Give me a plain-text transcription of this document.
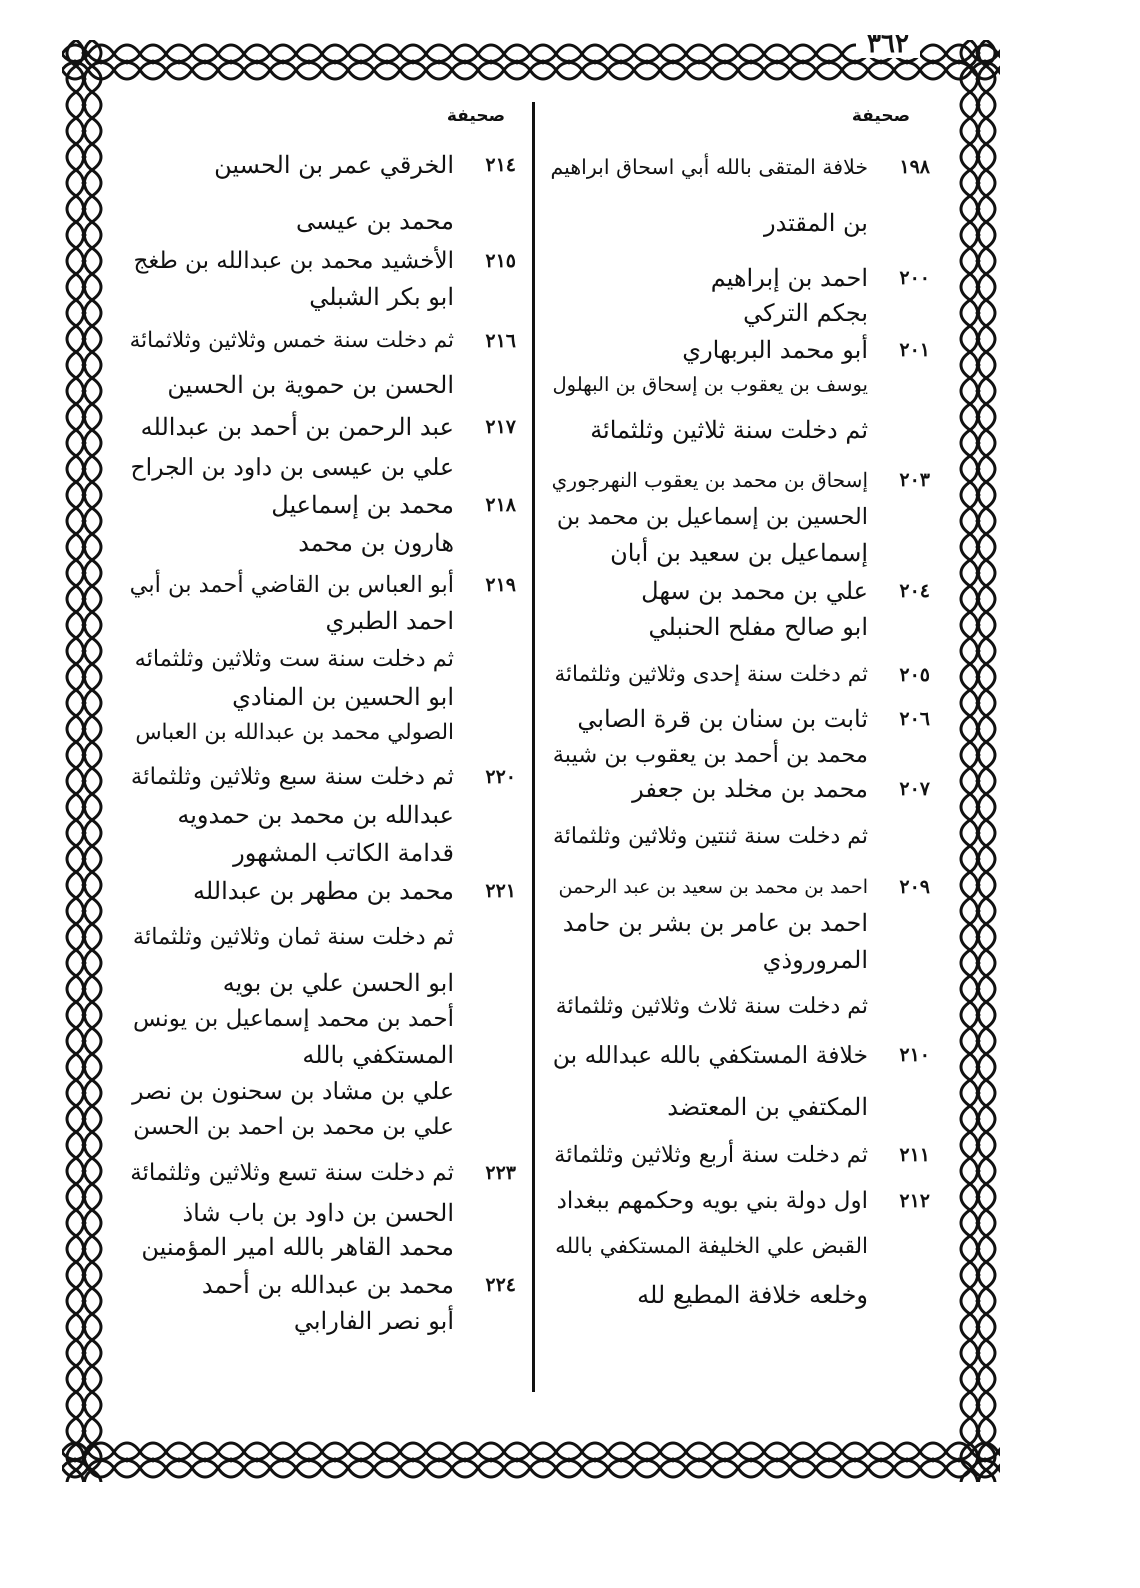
٣٦٢
صحيفة
صحيفة
١٩٨
خلافة المتقى بالله أبي اسحاق ابراهيم
بن المقتدر
٢٠٠
احمد بن إبراهيم
بجكم التركي
٢٠١
أبو محمد البربهاري
يوسف بن يعقوب بن إسحاق بن البهلول
ثم دخلت سنة ثلاثين وثلثمائة
٢٠٣
إسحاق بن محمد بن يعقوب النهرجوري
الحسين بن إسماعيل بن محمد بن
إسماعيل بن سعيد بن أبان
٢٠٤
علي بن محمد بن سهل
ابو صالح مفلح الحنبلي
٢٠٥
ثم دخلت سنة إحدى وثلاثين وثلثمائة
٢٠٦
ثابت بن سنان بن قرة الصابي
محمد بن أحمد بن يعقوب بن شيبة
٢٠٧
محمد بن مخلد بن جعفر
ثم دخلت سنة ثنتين وثلاثين وثلثمائة
٢٠٩
احمد بن محمد بن سعيد بن عبد الرحمن
احمد بن عامر بن بشر بن حامد
المروروذي
ثم دخلت سنة ثلاث وثلاثين وثلثمائة
٢١٠
خلافة المستكفي بالله عبدالله بن
المكتفي بن المعتضد
٢١١
ثم دخلت سنة أربع وثلاثين وثلثمائة
٢١٢
اول دولة بني بويه وحكمهم ببغداد
القبض علي الخليفة المستكفي بالله
وخلعه خلافة المطيع لله
٢١٤
الخرقي عمر بن الحسين
محمد بن عيسى
٢١٥
الأخشيد محمد بن عبدالله بن طغج
ابو بكر الشبلي
٢١٦
ثم دخلت سنة خمس وثلاثين وثلاثمائة
الحسن بن حموية بن الحسين
٢١٧
عبد الرحمن بن أحمد بن عبدالله
علي بن عيسى بن داود بن الجراح
٢١٨
محمد بن إسماعيل
هارون بن محمد
٢١٩
أبو العباس بن القاضي أحمد بن أبي
احمد الطبري
ثم دخلت سنة ست وثلاثين وثلثمائه
ابو الحسين بن المنادي
الصولي محمد بن عبدالله بن العباس
٢٢٠
ثم دخلت سنة سبع وثلاثين وثلثمائة
عبدالله بن محمد بن حمدويه
قدامة الكاتب المشهور
٢٢١
محمد بن مطهر بن عبدالله
ثم دخلت سنة ثمان وثلاثين وثلثمائة
ابو الحسن علي بن بويه
أحمد بن محمد إسماعيل بن يونس
المستكفي بالله
علي بن مشاد بن سحنون بن نصر
علي بن محمد بن احمد بن الحسن
٢٢٣
ثم دخلت سنة تسع وثلاثين وثلثمائة
الحسن بن داود بن باب شاذ
محمد القاهر بالله امير المؤمنين
٢٢٤
محمد بن عبدالله بن أحمد
أبو نصر الفارابي
